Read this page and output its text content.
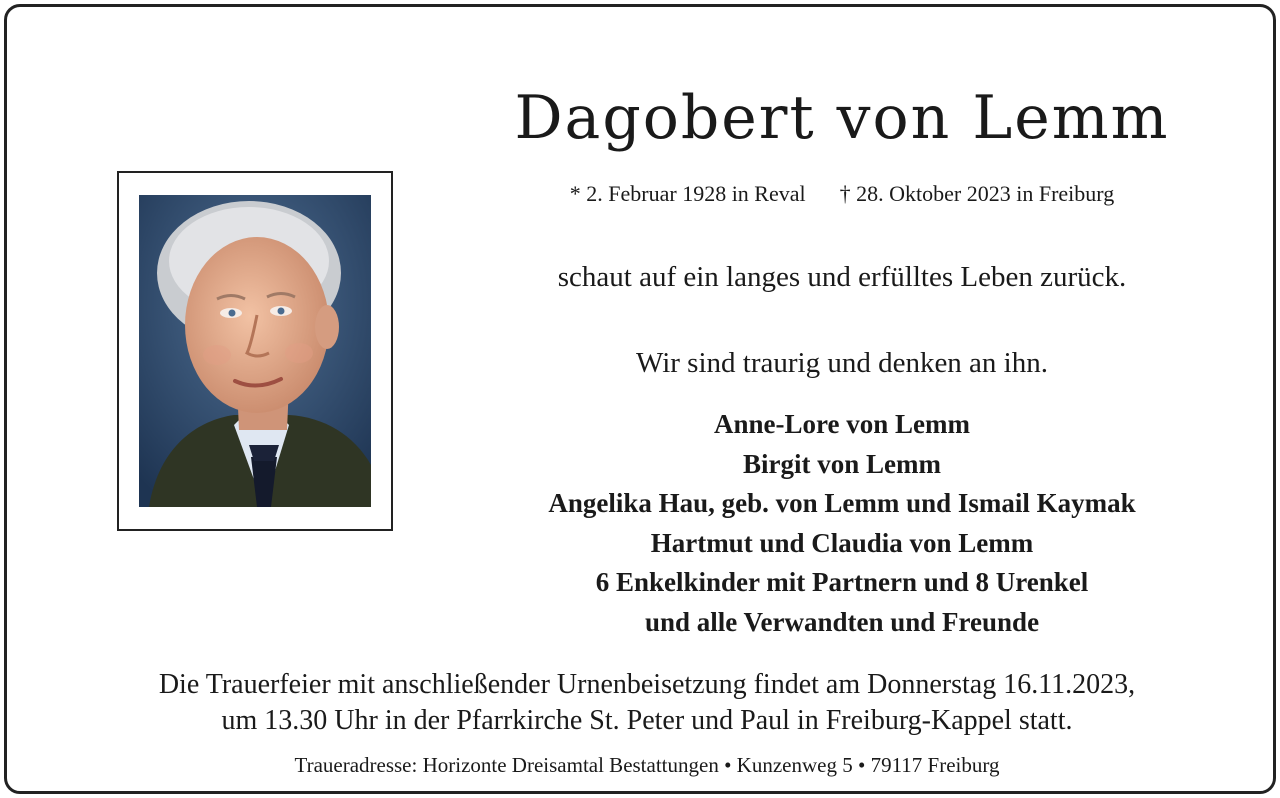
Dagobert von Lemm
* 2. Februar 1928 in Reval † 28. Oktober 2023 in Freiburg
schaut auf ein langes und erfülltes Leben zurück.
Wir sind traurig und denken an ihn.
Anne-Lore von Lemm
Birgit von Lemm
Angelika Hau, geb. von Lemm und Ismail Kaymak
Hartmut und Claudia von Lemm
6 Enkelkinder mit Partnern und 8 Urenkel
und alle Verwandten und Freunde
Die Trauerfeier mit anschließender Urnenbeisetzung findet am Donnerstag 16.11.2023,
um 13.30 Uhr in der Pfarrkirche St. Peter und Paul in Freiburg-Kappel statt.
Traueradresse: Horizonte Dreisamtal Bestattungen • Kunzenweg 5 • 79117 Freiburg
